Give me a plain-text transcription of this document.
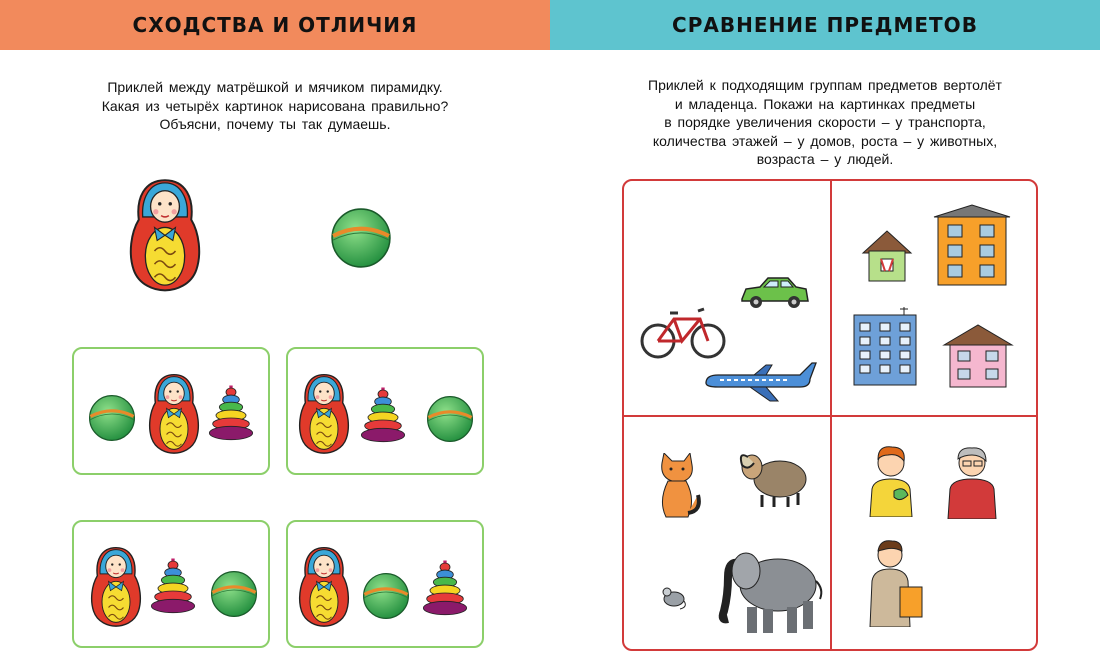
СХОДСТВА И ОТЛИЧИЯ
Приклей между матрёшкой и мячиком пирамидку.
Какая из четырёх картинок нарисована правильно?
Объясни, почему ты так думаешь.
СРАВНЕНИЕ ПРЕДМЕТОВ
Приклей к подходящим группам предметов вертолёт
и младенца. Покажи на картинках предметы
в порядке увеличения скорости – у транспорта,
количества этажей – у домов, роста – у животных,
возраста – у людей.
